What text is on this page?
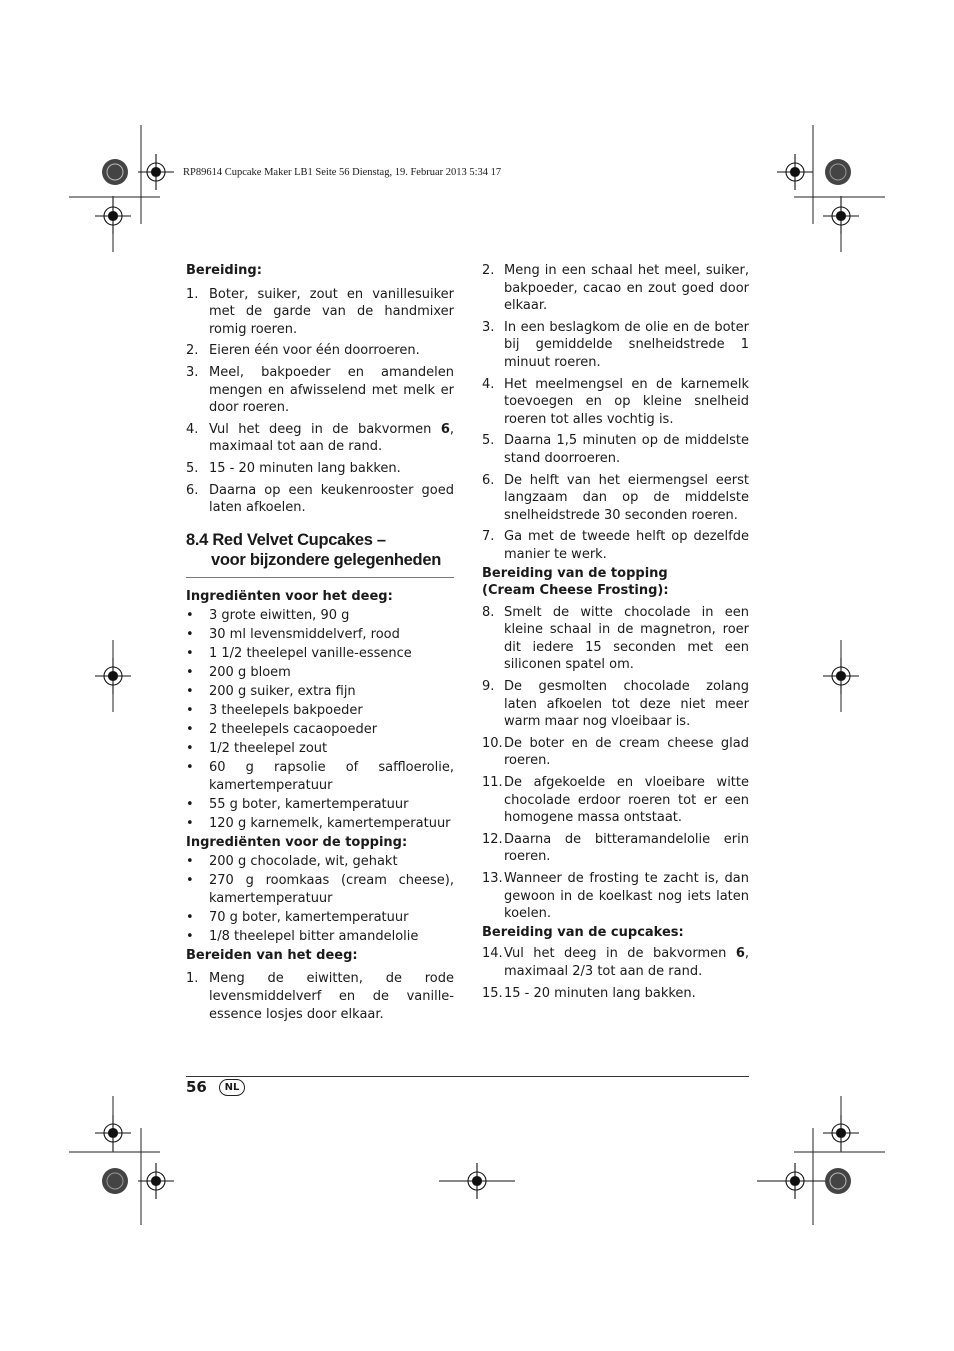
RP89614 Cupcake Maker LB1 Seite 56 Dienstag, 19. Februar 2013 5:34 17

Bereiding:

1. Boter, suiker, zout en vanillesuiker met de garde van de handmixer romig roeren.
2. Eieren één voor één doorroeren.
3. Meel, bakpoeder en amandelen mengen en afwisselend met melk er door roeren.
4. Vul het deeg in de bakvormen 6, maximaal tot aan de rand.
5. 15 - 20 minuten lang bakken.
6. Daarna op een keukenrooster goed laten afkoelen.
8.4 Red Velvet Cupcakes –
voor bijzondere gelegenheden

Ingrediënten voor het deeg:

•	3 grote eiwitten, 90 g
•	30 ml levensmiddelverf, rood
•	1 1/2 theelepel vanille-essence
•	200 g bloem
•	200 g suiker, extra fijn
•	3 theelepels bakpoeder
•	2 theelepels cacaopoeder
•	1/2 theelepel zout
•	60 g rapsolie of saffloerolie, kamertemperatuur
•	55 g boter, kamertemperatuur
•	120 g karnemelk, kamertemperatuur

Ingrediënten voor de topping:

•	200 g chocolade, wit, gehakt
•	270 g roomkaas (cream cheese), kamertemperatuur
•	70 g boter, kamertemperatuur
•	1/8 theelepel bitter amandelolie

Bereiden van het deeg:

1. Meng de eiwitten, de rode levensmiddelverf en de vanille-essence losjes door elkaar.
2. Meng in een schaal het meel, suiker, bakpoeder, cacao en zout goed door elkaar.
3. In een beslagkom de olie en de boter bij gemiddelde snelheidstrede 1 minuut roeren.
4. Het meelmengsel en de karnemelk toevoegen en op kleine snelheid roeren tot alles vochtig is.
5. Daarna 1,5 minuten op de middelste stand doorroeren.
6. De helft van het eiermengsel eerst langzaam dan op de middelste snelheidstrede 30 seconden roeren.
7. Ga met de tweede helft op dezelfde manier te werk.

Bereiding van de topping
(Cream Cheese Frosting):

8. Smelt de witte chocolade in een kleine schaal in de magnetron, roer dit iedere 15 seconden met een siliconen spatel om.
9. De gesmolten chocolade zolang laten afkoelen tot deze niet meer warm maar nog vloeibaar is.
10. De boter en de cream cheese glad roeren.
11. De afgekoelde en vloeibare witte chocolade erdoor roeren tot er een homogene massa ontstaat.
12. Daarna de bitteramandelolie erin roeren.
13. Wanneer de frosting te zacht is, dan gewoon in de koelkast nog iets laten koelen.

Bereiding van de cupcakes:

14. Vul het deeg in de bakvormen 6, maximaal 2/3 tot aan de rand.
15. 15 - 20 minuten lang bakken.
56	NL
